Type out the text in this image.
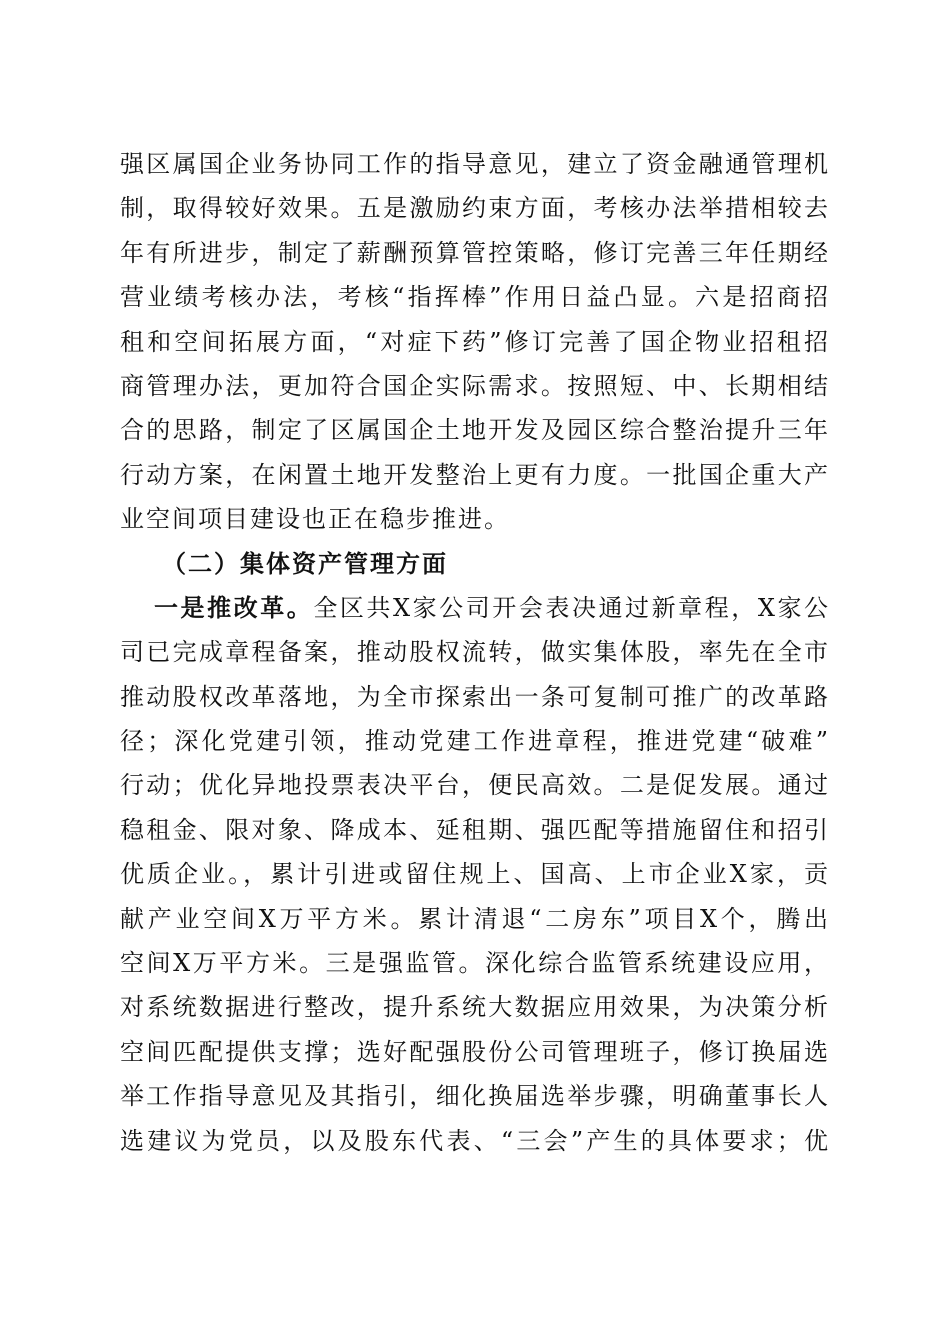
强区属国企业务协同工作的指导意见，建立了资金融通管理机
制，取得较好效果。五是激励约束方面，考核办法举措相较去
年有所进步，制定了薪酬预算管控策略，修订完善三年任期经
营业绩考核办法，考核“指挥棒”作用日益凸显。六是招商招
租和空间拓展方面，“对症下药”修订完善了国企物业招租招
商管理办法，更加符合国企实际需求。按照短、中、长期相结
合的思路，制定了区属国企土地开发及园区综合整治提升三年
行动方案，在闲置土地开发整治上更有力度。一批国企重大产
业空间项目建设也正在稳步推进。
（二）集体资产管理方面
一是推改革。全区共X家公司开会表决通过新章程，X家公
司已完成章程备案，推动股权流转，做实集体股，率先在全市
推动股权改革落地，为全市探索出一条可复制可推广的改革路
径；深化党建引领，推动党建工作进章程，推进党建“破难”
行动；优化异地投票表决平台，便民高效。二是促发展。通过
稳租金、限对象、降成本、延租期、强匹配等措施留住和招引
优质企业。，累计引进或留住规上、国高、上市企业X家，贡
献产业空间X万平方米。累计清退“二房东”项目X个，腾出
空间X万平方米。三是强监管。深化综合监管系统建设应用，
对系统数据进行整改，提升系统大数据应用效果，为决策分析
空间匹配提供支撑；选好配强股份公司管理班子，修订换届选
举工作指导意见及其指引，细化换届选举步骤，明确董事长人
选建议为党员，以及股东代表、“三会”产生的具体要求；优
